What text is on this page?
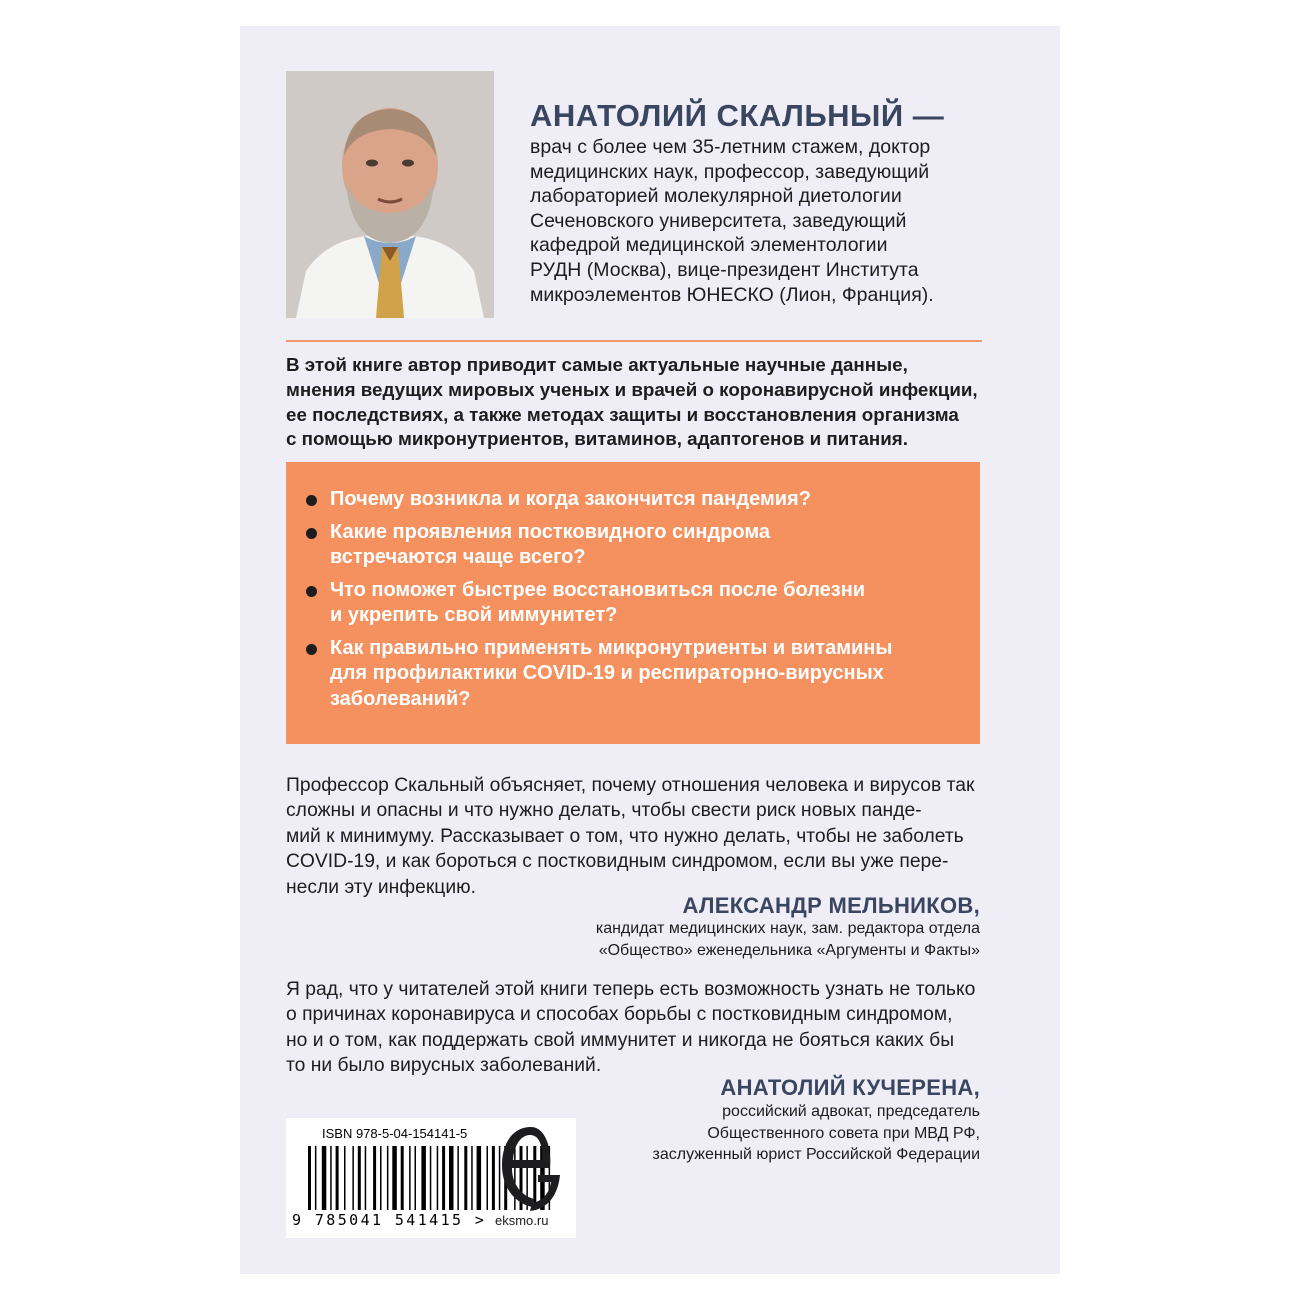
АНАТОЛИЙ СКАЛЬНЫЙ —
врач с более чем 35-летним стажем, доктор
медицинских наук, профессор, заведующий
лабораторией молекулярной диетологии
Сеченовского университета, заведующий
кафедрой медицинской элементологии
РУДН (Москва), вице-президент Института
микроэлементов ЮНЕСКО (Лион, Франция).
В этой книге автор приводит самые актуальные научные данные,
мнения ведущих мировых ученых и врачей о коронавирусной инфекции,
ее последствиях, а также методах защиты и восстановления организма
с помощью микронутриентов, витаминов, адаптогенов и питания.
Почему возникла и когда закончится пандемия?
Какие проявления постковидного синдрома
встречаются чаще всего?
Что поможет быстрее восстановиться после болезни
и укрепить свой иммунитет?
Как правильно применять микронутриенты и витамины
для профилактики COVID-19 и респираторно-вирусных
заболеваний?
Профессор Скальный объясняет, почему отношения человека и вирусов так
сложны и опасны и что нужно делать, чтобы свести риск новых панде-
мий к минимуму. Рассказывает о том, что нужно делать, чтобы не заболеть
COVID-19, и как бороться с постковидным синдромом, если вы уже пере-
несли эту инфекцию.
АЛЕКСАНДР МЕЛЬНИКОВ,
кандидат медицинских наук, зам. редактора отдела
«Общество» еженедельника «Аргументы и Факты»
Я рад, что у читателей этой книги теперь есть возможность узнать не только
о причинах коронавируса и способах борьбы с постковидным синдромом,
но и о том, как поддержать свой иммунитет и никогда не бояться каких бы
то ни было вирусных заболеваний.
АНАТОЛИЙ КУЧЕРЕНА,
российский адвокат, председатель
Общественного совета при МВД РФ,
заслуженный юрист Российской Федерации
ISBN 978-5-04-154141-5
9 785041 541415 > eksmo.ru
